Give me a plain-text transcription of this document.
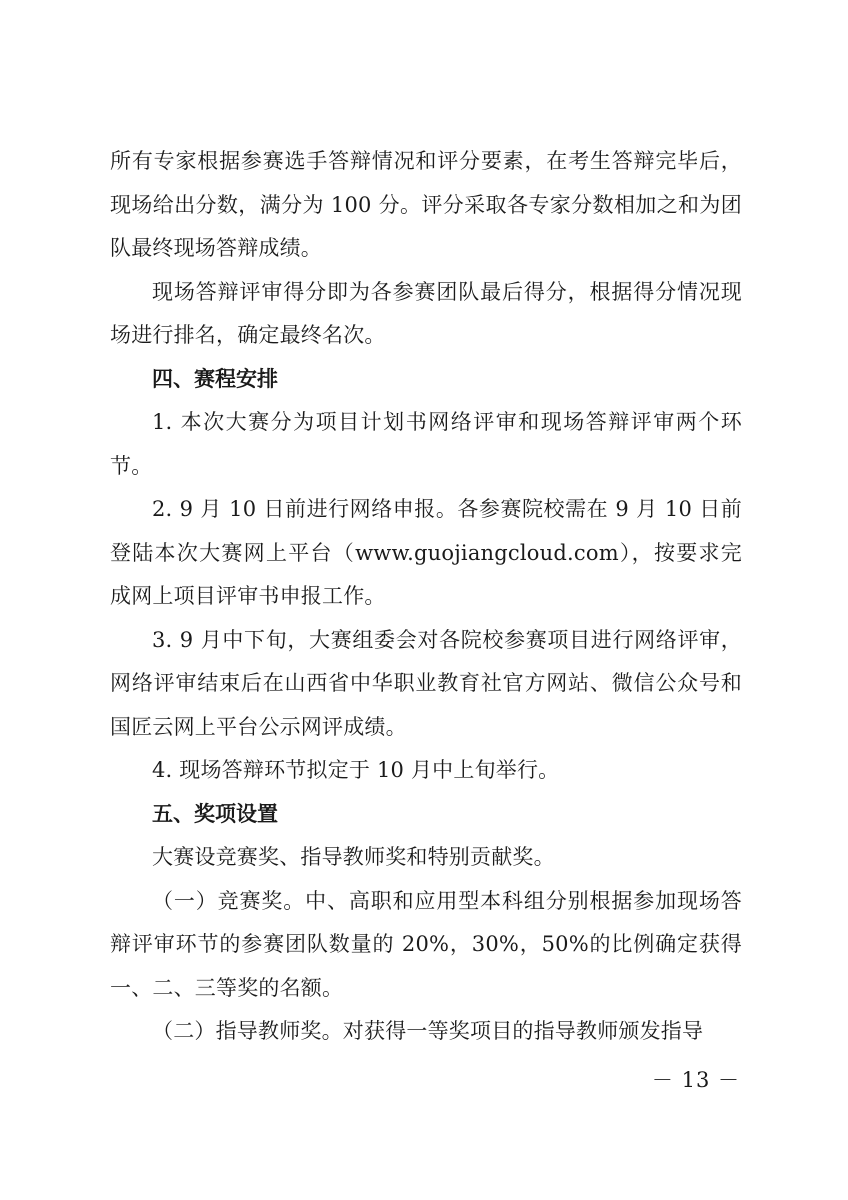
所有专家根据参赛选手答辩情况和评分要素，在考生答辩完毕后，现场给出分数，满分为 100 分。评分采取各专家分数相加之和为团队最终现场答辩成绩。

现场答辩评审得分即为各参赛团队最后得分，根据得分情况现场进行排名，确定最终名次。

四、赛程安排

1. 本次大赛分为项目计划书网络评审和现场答辩评审两个环节。

2. 9 月 10 日前进行网络申报。各参赛院校需在 9 月 10 日前登陆本次大赛网上平台（www.guojiangcloud.com），按要求完成网上项目评审书申报工作。

3. 9 月中下旬，大赛组委会对各院校参赛项目进行网络评审，网络评审结束后在山西省中华职业教育社官方网站、微信公众号和国匠云网上平台公示网评成绩。

4. 现场答辩环节拟定于 10 月中上旬举行。

五、奖项设置

大赛设竞赛奖、指导教师奖和特别贡献奖。

（一）竞赛奖。中、高职和应用型本科组分别根据参加现场答辩评审环节的参赛团队数量的 20%，30%，50%的比例确定获得一、二、三等奖的名额。

（二）指导教师奖。对获得一等奖项目的指导教师颁发指导

－ 13 －
